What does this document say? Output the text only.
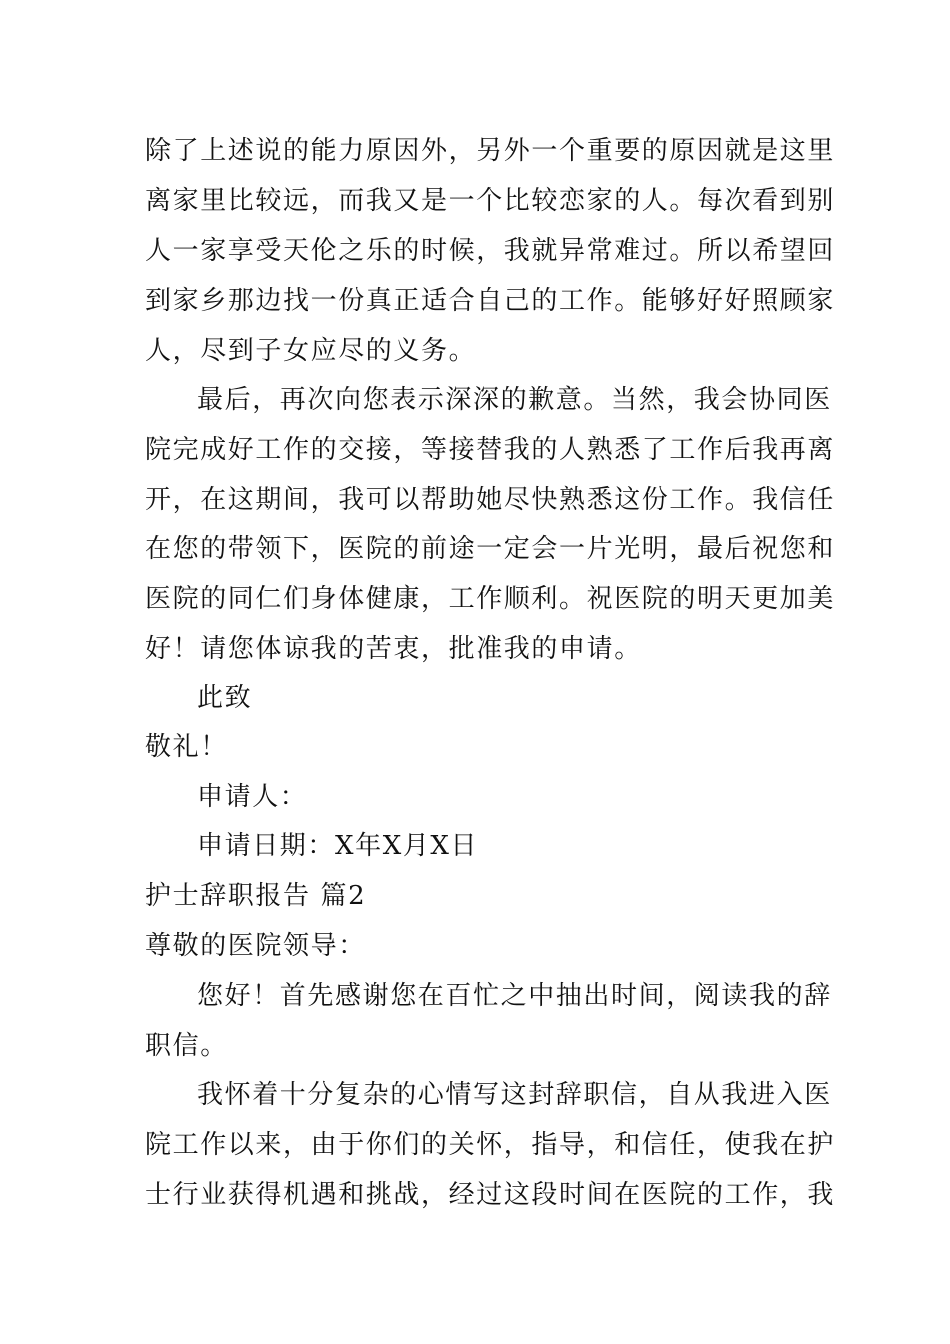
除了上述说的能力原因外，另外一个重要的原因就是这里
离家里比较远，而我又是一个比较恋家的人。每次看到别
人一家享受天伦之乐的时候，我就异常难过。所以希望回
到家乡那边找一份真正适合自己的工作。能够好好照顾家
人，尽到子女应尽的义务。
最后，再次向您表示深深的歉意。当然，我会协同医
院完成好工作的交接，等接替我的人熟悉了工作后我再离
开，在这期间，我可以帮助她尽快熟悉这份工作。我信任
在您的带领下，医院的前途一定会一片光明，最后祝您和
医院的同仁们身体健康，工作顺利。祝医院的明天更加美
好！请您体谅我的苦衷，批准我的申请。
此致
敬礼！
申请人：
申请日期：X年X月X日
护士辞职报告 篇2
尊敬的医院领导：
您好！首先感谢您在百忙之中抽出时间，阅读我的辞
职信。
我怀着十分复杂的心情写这封辞职信，自从我进入医
院工作以来，由于你们的关怀，指导，和信任，使我在护
士行业获得机遇和挑战，经过这段时间在医院的工作，我
